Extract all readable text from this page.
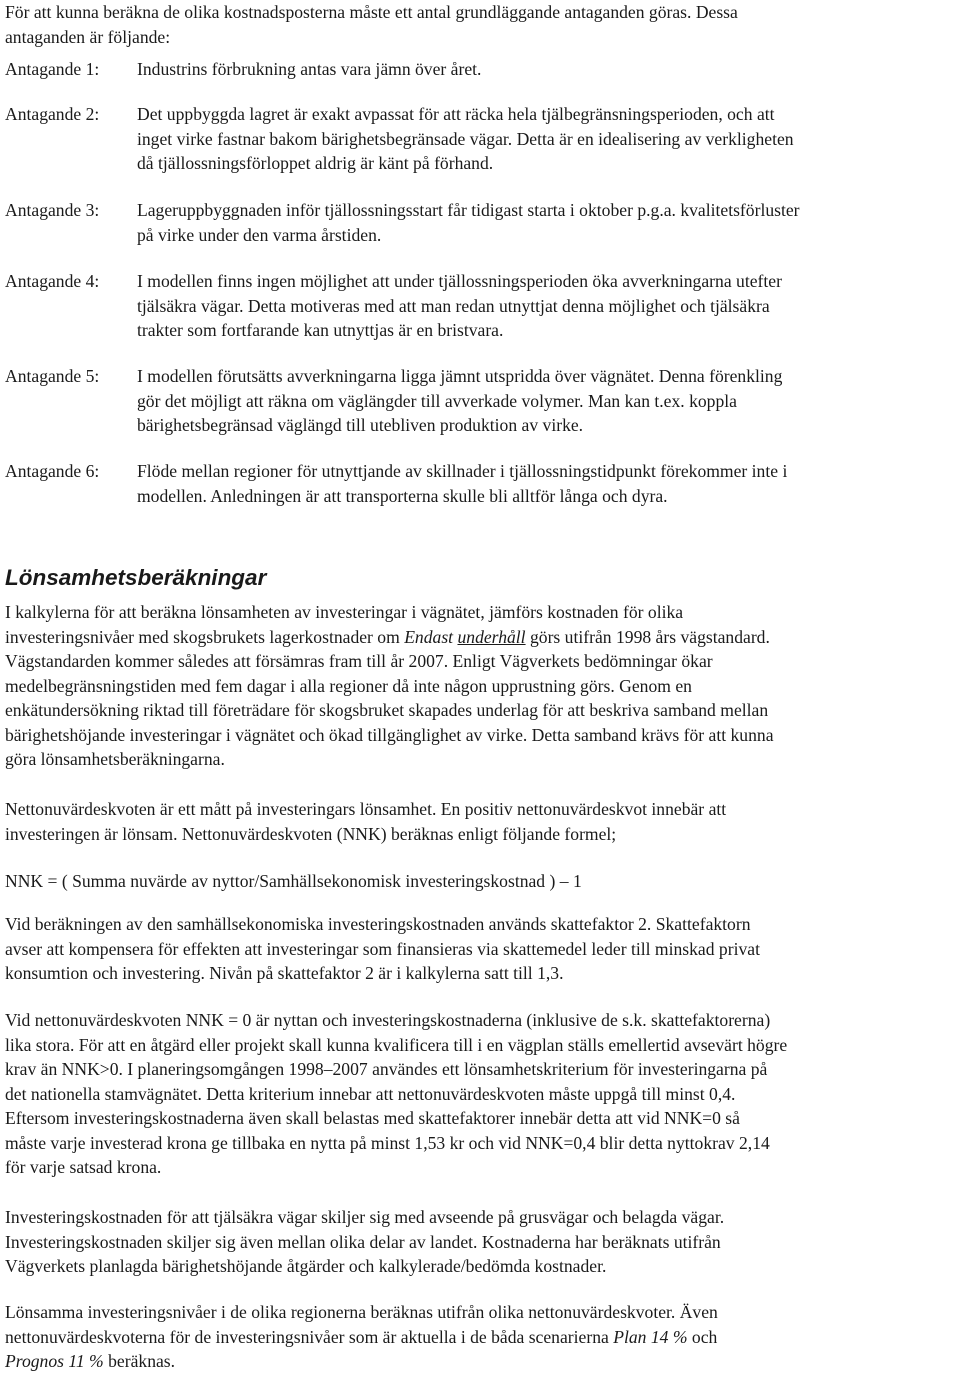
För att kunna beräkna de olika kostnadsposterna måste ett antal grundläggande antaganden göras. Dessa
antaganden är följande:

Antagande 1: Industrins förbrukning antas vara jämn över året.
Antagande 2: Det uppbyggda lagret är exakt avpassat för att räcka hela tjälbegränsningsperioden, och att
inget virke fastnar bakom bärighetsbegränsade vägar. Detta är en idealisering av verkligheten
då tjällossningsförloppet aldrig är känt på förhand.
Antagande 3: Lageruppbyggnaden inför tjällossningsstart får tidigast starta i oktober p.g.a. kvalitetsförluster
på virke under den varma årstiden.
Antagande 4: I modellen finns ingen möjlighet att under tjällossningsperioden öka avverkningarna utefter
tjälsäkra vägar. Detta motiveras med att man redan utnyttjat denna möjlighet och tjälsäkra
trakter som fortfarande kan utnyttjas är en bristvara.
Antagande 5: I modellen förutsätts avverkningarna ligga jämnt utspridda över vägnätet. Denna förenkling
gör det möjligt att räkna om väglängder till avverkade volymer. Man kan t.ex. koppla
bärighetsbegränsad väglängd till utebliven produktion av virke.
Antagande 6: Flöde mellan regioner för utnyttjande av skillnader i tjällossningstidpunkt förekommer inte i
modellen. Anledningen är att transporterna skulle bli alltför långa och dyra.
Lönsamhetsberäkningar

I kalkylerna för att beräkna lönsamheten av investeringar i vägnätet, jämförs kostnaden för olika
investeringsnivåer med skogsbrukets lagerkostnader om Endast underhåll görs utifrån 1998 års vägstandard.
Vägstandarden kommer således att försämras fram till år 2007. Enligt Vägverkets bedömningar ökar
medelbegränsningstiden med fem dagar i alla regioner då inte någon upprustning görs. Genom en
enkätundersökning riktad till företrädare för skogsbruket skapades underlag för att beskriva samband mellan
bärighetshöjande investeringar i vägnätet och ökad tillgänglighet av virke. Detta samband krävs för att kunna
göra lönsamhetsberäkningarna.

Nettonuvärdeskvoten är ett mått på investeringars lönsamhet. En positiv nettonuvärdeskvot innebär att
investeringen är lönsam. Nettonuvärdeskvoten (NNK) beräknas enligt följande formel;

NNK = ( Summa nuvärde av nyttor/Samhällsekonomisk investeringskostnad ) – 1

Vid beräkningen av den samhällsekonomiska investeringskostnaden används skattefaktor 2. Skattefaktorn
avser att kompensera för effekten att investeringar som finansieras via skattemedel leder till minskad privat
konsumtion och investering. Nivån på skattefaktor 2 är i kalkylerna satt till 1,3.

Vid nettonuvärdeskvoten NNK = 0 är nyttan och investeringskostnaderna (inklusive de s.k. skattefaktorerna)
lika stora. För att en åtgärd eller projekt skall kunna kvalificera till i en vägplan ställs emellertid avsevärt högre
krav än NNK>0. I planeringsomgången 1998–2007 användes ett lönsamhetskriterium för investeringarna på
det nationella stamvägnätet. Detta kriterium innebar att nettonuvärdeskvoten måste uppgå till minst 0,4.
Eftersom investeringskostnaderna även skall belastas med skattefaktorer innebär detta att vid NNK=0 så
måste varje investerad krona ge tillbaka en nytta på minst 1,53 kr och vid NNK=0,4 blir detta nyttokrav 2,14
för varje satsad krona.

Investeringskostnaden för att tjälsäkra vägar skiljer sig med avseende på grusvägar och belagda vägar.
Investeringskostnaden skiljer sig även mellan olika delar av landet. Kostnaderna har beräknats utifrån
Vägverkets planlagda bärighetshöjande åtgärder och kalkylerade/bedömda kostnader.

Lönsamma investeringsnivåer i de olika regionerna beräknas utifrån olika nettonuvärdeskvoter. Även
nettonuvärdeskvoterna för de investeringsnivåer som är aktuella i de båda scenarierna Plan 14 % och
Prognos 11 % beräknas.
